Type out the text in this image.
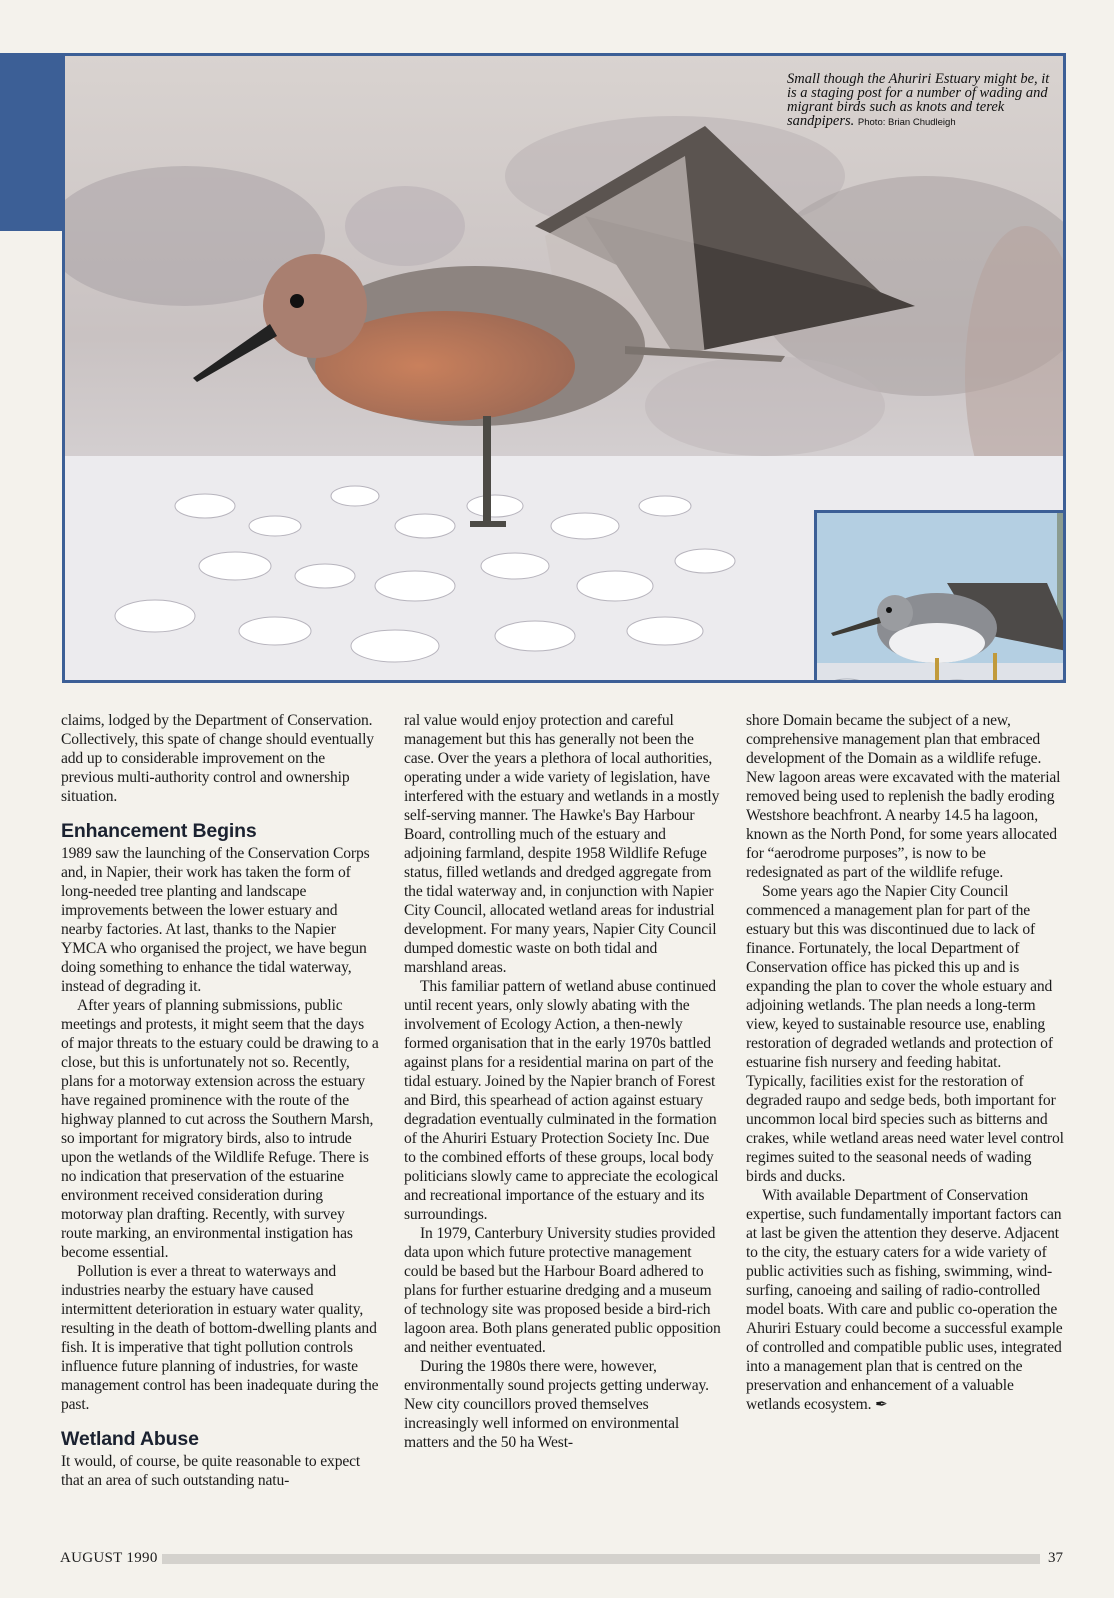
Small though the Ahuriri Estuary might be, it is a staging post for a number of wading and migrant birds such as knots and terek sandpipers. Photo: Brian Chudleigh

claims, lodged by the Department of Conservation. Collectively, this spate of change should eventually add up to considerable improvement on the previous multi-authority control and ownership situation.

Enhancement Begins

1989 saw the launching of the Conservation Corps and, in Napier, their work has taken the form of long-needed tree planting and landscape improvements between the lower estuary and nearby factories. At last, thanks to the Napier YMCA who organised the project, we have begun doing something to enhance the tidal waterway, instead of degrading it.

After years of planning submissions, public meetings and protests, it might seem that the days of major threats to the estuary could be drawing to a close, but this is unfortunately not so. Recently, plans for a motorway extension across the estuary have regained prominence with the route of the highway planned to cut across the Southern Marsh, so important for migratory birds, also to intrude upon the wetlands of the Wildlife Refuge. There is no indication that preservation of the estuarine environment received consideration during motorway plan drafting. Recently, with survey route marking, an environmental instigation has become essential.

Pollution is ever a threat to waterways and industries nearby the estuary have caused intermittent deterioration in estuary water quality, resulting in the death of bottom-dwelling plants and fish. It is imperative that tight pollution controls influence future planning of industries, for waste management control has been inadequate during the past.

Wetland Abuse

It would, of course, be quite reasonable to expect that an area of such outstanding natu-

ral value would enjoy protection and careful management but this has generally not been the case. Over the years a plethora of local authorities, operating under a wide variety of legislation, have interfered with the estuary and wetlands in a mostly self-serving manner. The Hawke's Bay Harbour Board, controlling much of the estuary and adjoining farmland, despite 1958 Wildlife Refuge status, filled wetlands and dredged aggregate from the tidal waterway and, in conjunction with Napier City Council, allocated wetland areas for industrial development. For many years, Napier City Council dumped domestic waste on both tidal and marshland areas.

This familiar pattern of wetland abuse continued until recent years, only slowly abating with the involvement of Ecology Action, a then-newly formed organisation that in the early 1970s battled against plans for a residential marina on part of the tidal estuary. Joined by the Napier branch of Forest and Bird, this spearhead of action against estuary degradation eventually culminated in the formation of the Ahuriri Estuary Protection Society Inc. Due to the combined efforts of these groups, local body politicians slowly came to appreciate the ecological and recreational importance of the estuary and its surroundings.

In 1979, Canterbury University studies provided data upon which future protective management could be based but the Harbour Board adhered to plans for further estuarine dredging and a museum of technology site was proposed beside a bird-rich lagoon area. Both plans generated public opposition and neither eventuated.

During the 1980s there were, however, environmentally sound projects getting underway. New city councillors proved themselves increasingly well informed on environmental matters and the 50 ha West-

shore Domain became the subject of a new, comprehensive management plan that embraced development of the Domain as a wildlife refuge. New lagoon areas were excavated with the material removed being used to replenish the badly eroding Westshore beachfront. A nearby 14.5 ha lagoon, known as the North Pond, for some years allocated for “aerodrome purposes”, is now to be redesignated as part of the wildlife refuge.

Some years ago the Napier City Council commenced a management plan for part of the estuary but this was discontinued due to lack of finance. Fortunately, the local Department of Conservation office has picked this up and is expanding the plan to cover the whole estuary and adjoining wetlands. The plan needs a long-term view, keyed to sustainable resource use, enabling restoration of degraded wetlands and protection of estuarine fish nursery and feeding habitat. Typically, facilities exist for the restoration of degraded raupo and sedge beds, both important for uncommon local bird species such as bitterns and crakes, while wetland areas need water level control regimes suited to the seasonal needs of wading birds and ducks.

With available Department of Conservation expertise, such fundamentally important factors can at last be given the attention they deserve. Adjacent to the city, the estuary caters for a wide variety of public activities such as fishing, swimming, wind-surfing, canoeing and sailing of radio-controlled model boats. With care and public co-operation the Ahuriri Estuary could become a successful example of controlled and compatible public uses, integrated into a management plan that is centred on the preservation and enhancement of a valuable wetlands ecosystem. ✒

AUGUST 1990	37
